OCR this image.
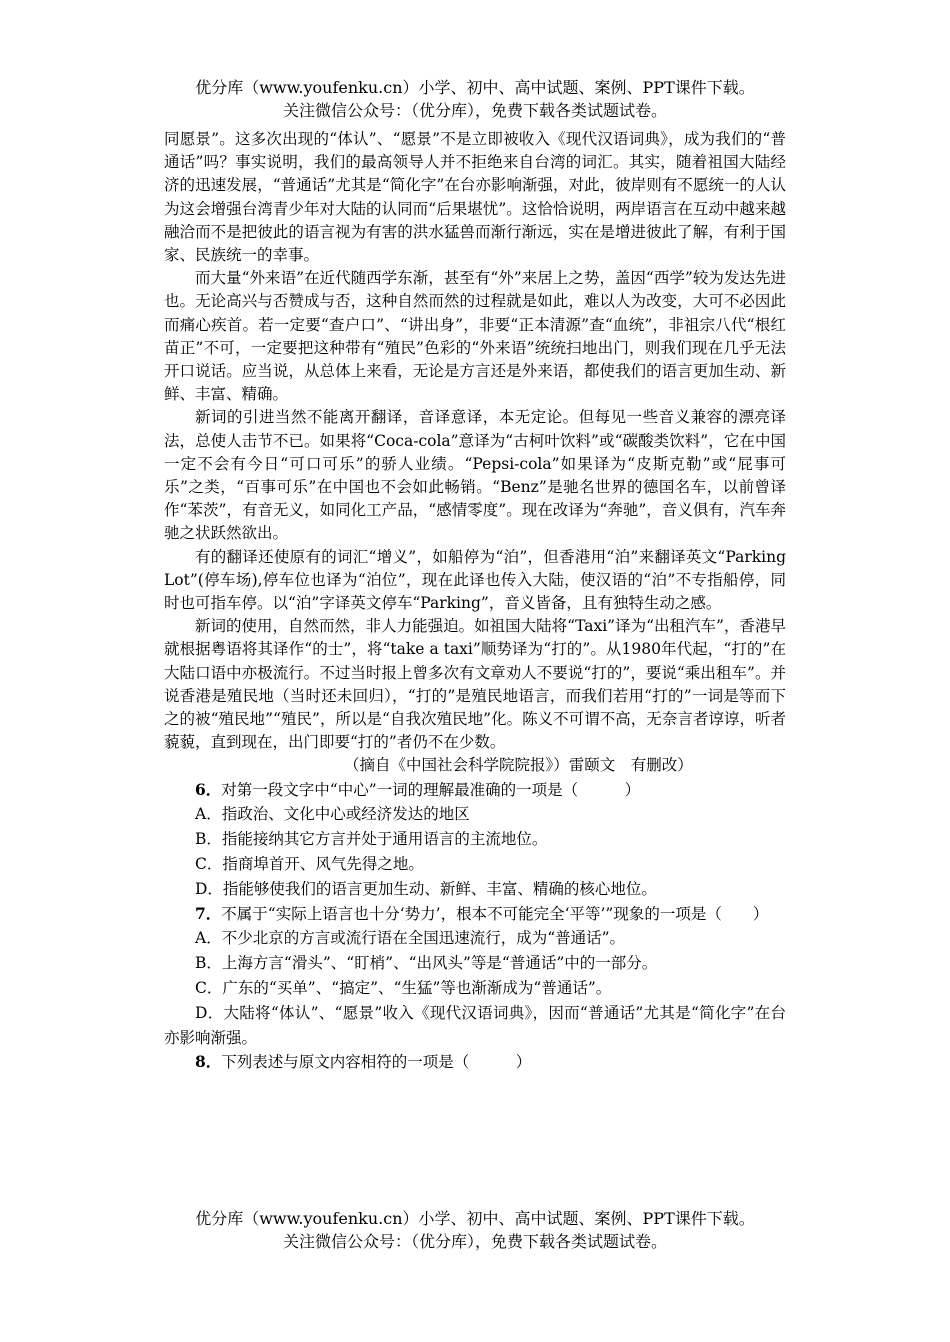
优分库（www.youfenku.cn）小学、初中、高中试题、案例、PPT课件下载。
关注微信公众号：（优分库），免费下载各类试题试卷。

同愿景”。这多次出现的“体认”、“愿景”不是立即被收入《现代汉语词典》，成为我们的“普通话”吗？事实说明，我们的最高领导人并不拒绝来自台湾的词汇。其实，随着祖国大陆经济的迅速发展，“普通话”尤其是“简化字”在台亦影响渐强，对此，彼岸则有不愿统一的人认为这会增强台湾青少年对大陆的认同而“后果堪忧”。这恰恰说明，两岸语言在互动中越来越融洽而不是把彼此的语言视为有害的洪水猛兽而渐行渐远，实在是增进彼此了解，有利于国家、民族统一的幸事。

而大量“外来语”在近代随西学东渐，甚至有“外”来居上之势，盖因“西学”较为发达先进也。无论高兴与否赞成与否，这种自然而然的过程就是如此，难以人为改变，大可不必因此而痛心疾首。若一定要“查户口”、“讲出身”，非要“正本清源”查“血统”，非祖宗八代“根红苗正”不可，一定要把这种带有“殖民”色彩的“外来语”统统扫地出门，则我们现在几乎无法开口说话。应当说，从总体上来看，无论是方言还是外来语，都使我们的语言更加生动、新鲜、丰富、精确。

新词的引进当然不能离开翻译，音译意译，本无定论。但每见一些音义兼容的漂亮译法，总使人击节不已。如果将“Coca-cola”意译为“古柯叶饮料”或“碳酸类饮料”，它在中国一定不会有今日“可口可乐”的骄人业绩。“Pepsi-cola”如果译为“皮斯克勒”或“屁事可乐”之类，“百事可乐”在中国也不会如此畅销。“Benz”是驰名世界的德国名车，以前曾译作“苯茨”，有音无义，如同化工产品，“感情零度”。现在改译为“奔驰”，音义俱有，汽车奔驰之状跃然欲出。

有的翻译还使原有的词汇“增义”，如船停为“泊”，但香港用“泊”来翻译英文“Parking Lot”(停车场),停车位也译为“泊位”，现在此译也传入大陆，使汉语的“泊”不专指船停，同时也可指车停。以“泊”字译英文停车“Parking”，音义皆备，且有独特生动之感。

新词的使用，自然而然，非人力能强迫。如祖国大陆将“Taxi”译为“出租汽车”，香港早就根据粤语将其译作“的士”，将“take a taxi”顺势译为“打的”。从1980年代起，“打的”在大陆口语中亦极流行。不过当时报上曾多次有文章劝人不要说“打的”，要说“乘出租车”。并说香港是殖民地（当时还未回归），“打的”是殖民地语言，而我们若用“打的”一词是等而下之的被“殖民地”“殖民”，所以是“自我次殖民地”化。陈义不可谓不高，无奈言者谆谆，听者藐藐，直到现在，出门即要“打的”者仍不在少数。

（摘自《中国社会科学院院报》）雷颐文　有删改）

6．对第一段文字中“中心”一词的理解最准确的一项是（　　　）

A．指政治、文化中心或经济发达的地区

B．指能接纳其它方言并处于通用语言的主流地位。

C．指商埠首开、风气先得之地。

D．指能够使我们的语言更加生动、新鲜、丰富、精确的核心地位。

7．不属于“实际上语言也十分‘势力’，根本不可能完全‘平等’”现象的一项是（　　）

A．不少北京的方言或流行语在全国迅速流行，成为“普通话”。

B．上海方言“滑头”、“盯梢”、“出风头”等是“普通话”中的一部分。

C．广东的“买单”、“搞定”、“生猛”等也渐渐成为“普通话”。

D．大陆将“体认”、“愿景”收入《现代汉语词典》，因而“普通话”尤其是“简化字”在台亦影响渐强。

8．下列表述与原文内容相符的一项是（　　　）

优分库（www.youfenku.cn）小学、初中、高中试题、案例、PPT课件下载。
关注微信公众号：（优分库），免费下载各类试题试卷。
